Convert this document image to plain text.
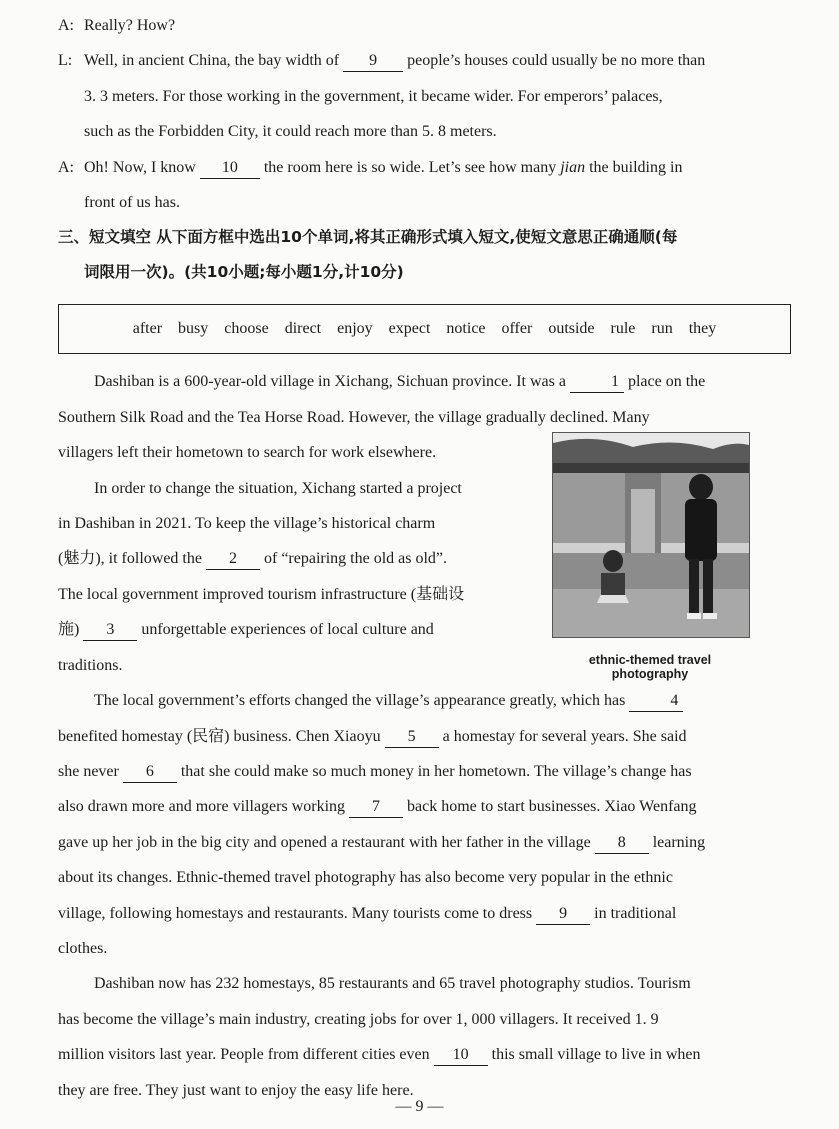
A: Really? How?
L: Well, in ancient China, the bay width of 9 people’s houses could usually be no more than
3. 3 meters. For those working in the government, it became wider. For emperors’ palaces,
such as the Forbidden City, it could reach more than 5. 8 meters.
A: Oh! Now, I know 10 the room here is so wide. Let’s see how many jian the building in
front of us has.
三、短文填空 从下面方框中选出10个单词,将其正确形式填入短文,使短文意思正确通顺(每
词限用一次)。(共10小题;每小题1分,计10分)
after busy choose direct enjoy expect notice offer outside rule run they
Dashiban is a 600-year-old village in Xichang, Sichuan province. It was a	1 place on the
Southern Silk Road and the Tea Horse Road. However, the village gradually declined. Many
villagers left their hometown to search for work elsewhere.
In order to change the situation, Xichang started a project
in Dashiban in 2021. To keep the village’s historical charm
(魅力), it followed the 2 of “repairing the old as old”.
The local government improved tourism infrastructure (基础设
施) 3 unforgettable experiences of local culture and
traditions.
The local government’s efforts changed the village’s appearance greatly, which has	4
benefited homestay (民宿) business. Chen Xiaoyu 5 a homestay for several years. She said
she never 6 that she could make so much money in her hometown. The village’s change has
also drawn more and more villagers working 7 back home to start businesses. Xiao Wenfang
gave up her job in the big city and opened a restaurant with her father in the village 8 learning
about its changes. Ethnic-themed travel photography has also become very popular in the ethnic
village, following homestays and restaurants. Many tourists come to dress 9 in traditional
clothes.
Dashiban now has 232 homestays, 85 restaurants and 65 travel photography studios. Tourism
has become the village’s main industry, creating jobs for over 1, 000 villagers. It received 1. 9
million visitors last year. People from different cities even 10 this small village to live in when
they are free. They just want to enjoy the easy life here.
ethnic-themed travel photography
— 9 —
